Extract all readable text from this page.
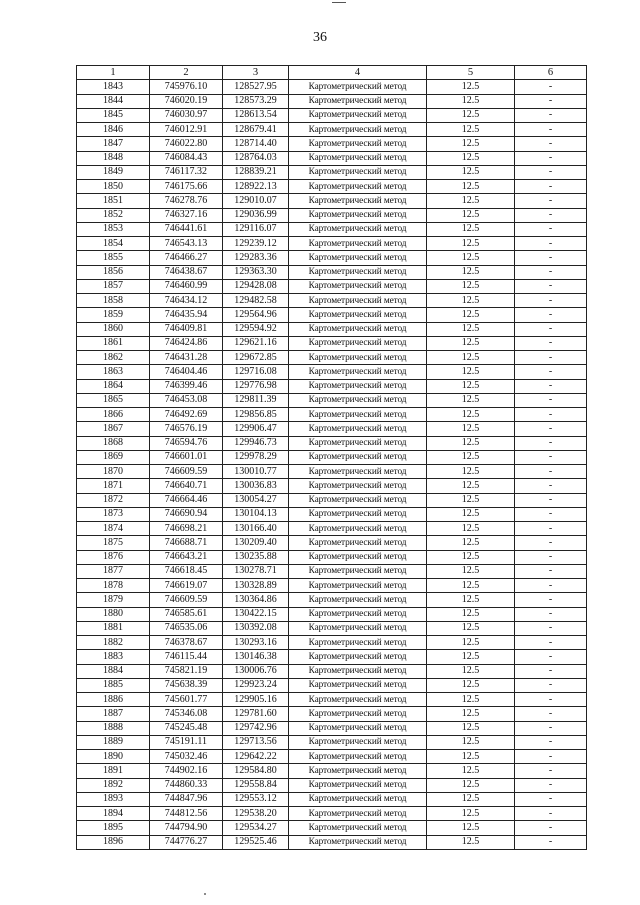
36
1	2	3	4	5	6
1843	745976.10	128527.95	Картометрический метод	12.5	-
1844	746020.19	128573.29	Картометрический метод	12.5	-
1845	746030.97	128613.54	Картометрический метод	12.5	-
1846	746012.91	128679.41	Картометрический метод	12.5	-
1847	746022.80	128714.40	Картометрический метод	12.5	-
1848	746084.43	128764.03	Картометрический метод	12.5	-
1849	746117.32	128839.21	Картометрический метод	12.5	-
1850	746175.66	128922.13	Картометрический метод	12.5	-
1851	746278.76	129010.07	Картометрический метод	12.5	-
1852	746327.16	129036.99	Картометрический метод	12.5	-
1853	746441.61	129116.07	Картометрический метод	12.5	-
1854	746543.13	129239.12	Картометрический метод	12.5	-
1855	746466.27	129283.36	Картометрический метод	12.5	-
1856	746438.67	129363.30	Картометрический метод	12.5	-
1857	746460.99	129428.08	Картометрический метод	12.5	-
1858	746434.12	129482.58	Картометрический метод	12.5	-
1859	746435.94	129564.96	Картометрический метод	12.5	-
1860	746409.81	129594.92	Картометрический метод	12.5	-
1861	746424.86	129621.16	Картометрический метод	12.5	-
1862	746431.28	129672.85	Картометрический метод	12.5	-
1863	746404.46	129716.08	Картометрический метод	12.5	-
1864	746399.46	129776.98	Картометрический метод	12.5	-
1865	746453.08	129811.39	Картометрический метод	12.5	-
1866	746492.69	129856.85	Картометрический метод	12.5	-
1867	746576.19	129906.47	Картометрический метод	12.5	-
1868	746594.76	129946.73	Картометрический метод	12.5	-
1869	746601.01	129978.29	Картометрический метод	12.5	-
1870	746609.59	130010.77	Картометрический метод	12.5	-
1871	746640.71	130036.83	Картометрический метод	12.5	-
1872	746664.46	130054.27	Картометрический метод	12.5	-
1873	746690.94	130104.13	Картометрический метод	12.5	-
1874	746698.21	130166.40	Картометрический метод	12.5	-
1875	746688.71	130209.40	Картометрический метод	12.5	-
1876	746643.21	130235.88	Картометрический метод	12.5	-
1877	746618.45	130278.71	Картометрический метод	12.5	-
1878	746619.07	130328.89	Картометрический метод	12.5	-
1879	746609.59	130364.86	Картометрический метод	12.5	-
1880	746585.61	130422.15	Картометрический метод	12.5	-
1881	746535.06	130392.08	Картометрический метод	12.5	-
1882	746378.67	130293.16	Картометрический метод	12.5	-
1883	746115.44	130146.38	Картометрический метод	12.5	-
1884	745821.19	130006.76	Картометрический метод	12.5	-
1885	745638.39	129923.24	Картометрический метод	12.5	-
1886	745601.77	129905.16	Картометрический метод	12.5	-
1887	745346.08	129781.60	Картометрический метод	12.5	-
1888	745245.48	129742.96	Картометрический метод	12.5	-
1889	745191.11	129713.56	Картометрический метод	12.5	-
1890	745032.46	129642.22	Картометрический метод	12.5	-
1891	744902.16	129584.80	Картометрический метод	12.5	-
1892	744860.33	129558.84	Картометрический метод	12.5	-
1893	744847.96	129553.12	Картометрический метод	12.5	-
1894	744812.56	129538.20	Картометрический метод	12.5	-
1895	744794.90	129534.27	Картометрический метод	12.5	-
1896	744776.27	129525.46	Картометрический метод	12.5	-
